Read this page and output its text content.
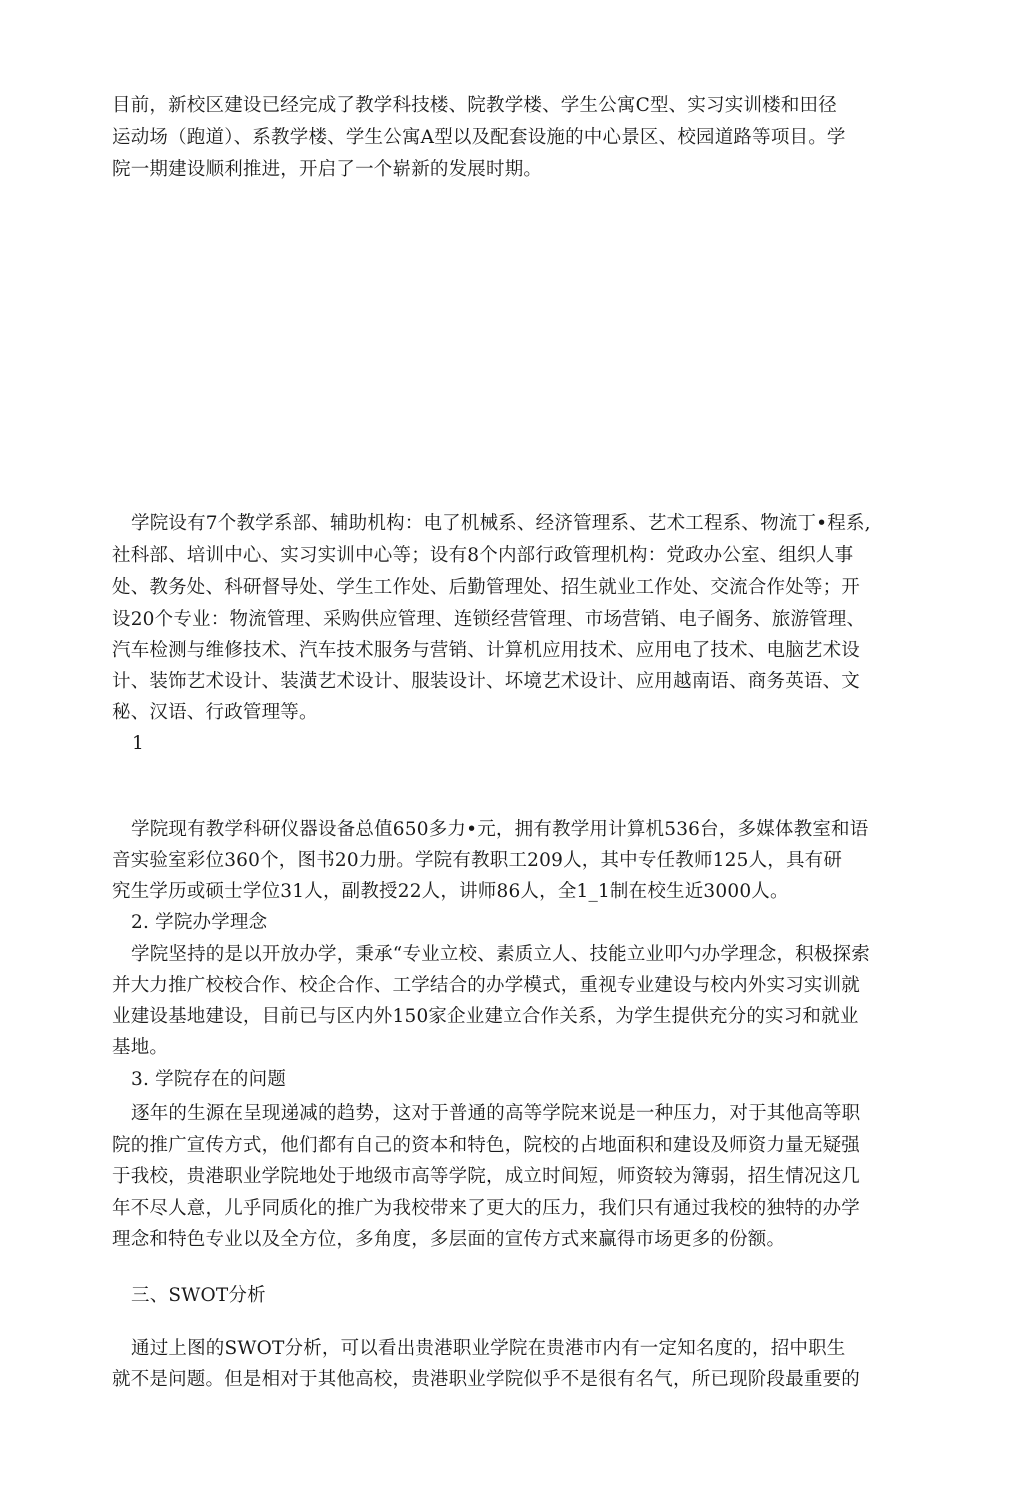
目前，新校区建设已经完成了教学科技楼、院教学楼、学生公寓C型、实习实训楼和田径
运动场（跑道）、系教学楼、学生公寓A型以及配套设施的中心景区、校园道路等项目。学
院一期建设顺利推进，开启了一个崭新的发展时期。
学院设有7个教学系部、辅助机构：电了机械系、经济管理系、艺术工程系、物流丁•程系,
社科部、培训中心、实习实训中心等；设有8个内部行政管理机构：党政办公室、组织人事
处、教务处、科研督导处、学生工作处、后勤管理处、招生就业工作处、交流合作处等；开
设20个专业：物流管理、采购供应管理、连锁经营管理、市场营销、电子阍务、旅游管理、
汽车检测与维修技术、汽车技术服务与营销、计算机应用技术、应用电了技术、电脑艺术设
计、装饰艺术设计、装潢艺术设计、服装设计、坏境艺术设计、应用越南语、商务英语、文
秘、汉语、行政管理等。
1
学院现有教学科研仪器设备总值650多力•元，拥有教学用计算机536台，多媒体教室和语
音实验室彩位360个，图书20力册。学院有教职工209人，其中专任教师125人，具有研
究生学历或硕士学位31人，副教授22人，讲师86人，全1_1制在校生近3000人。
2. 学院办学理念
学院坚持的是以开放办学，秉承“专业立校、素质立人、技能立业叩勺办学理念，积极探索
并大力推广校校合作、校企合作、工学结合的办学模式，重视专业建设与校内外实习实训就
业建设基地建设，目前已与区内外150家企业建立合作关系，为学生提供充分的实习和就业
基地。
3. 学院存在的问题
逐年的生源在呈现递减的趋势，这对于普通的高等学院来说是一种压力，对于其他高等职
院的推广宣传方式，他们都有自己的资本和特色，院校的占地面积和建设及师资力量无疑强
于我校，贵港职业学院地处于地级市高等学院，成立时间短，师资较为簿弱，招生情况这几
年不尽人意，儿乎同质化的推广为我校带来了更大的压力，我们只有通过我校的独特的办学
理念和特色专业以及全方位，多角度，多层面的宣传方式来赢得市场更多的份额。
三、SWOT分析
通过上图的SWOT分析，可以看出贵港职业学院在贵港市内有一定知名度的，招中职生
就不是问题。但是相对于其他高校，贵港职业学院似乎不是很有名气，所已现阶段最重要的
